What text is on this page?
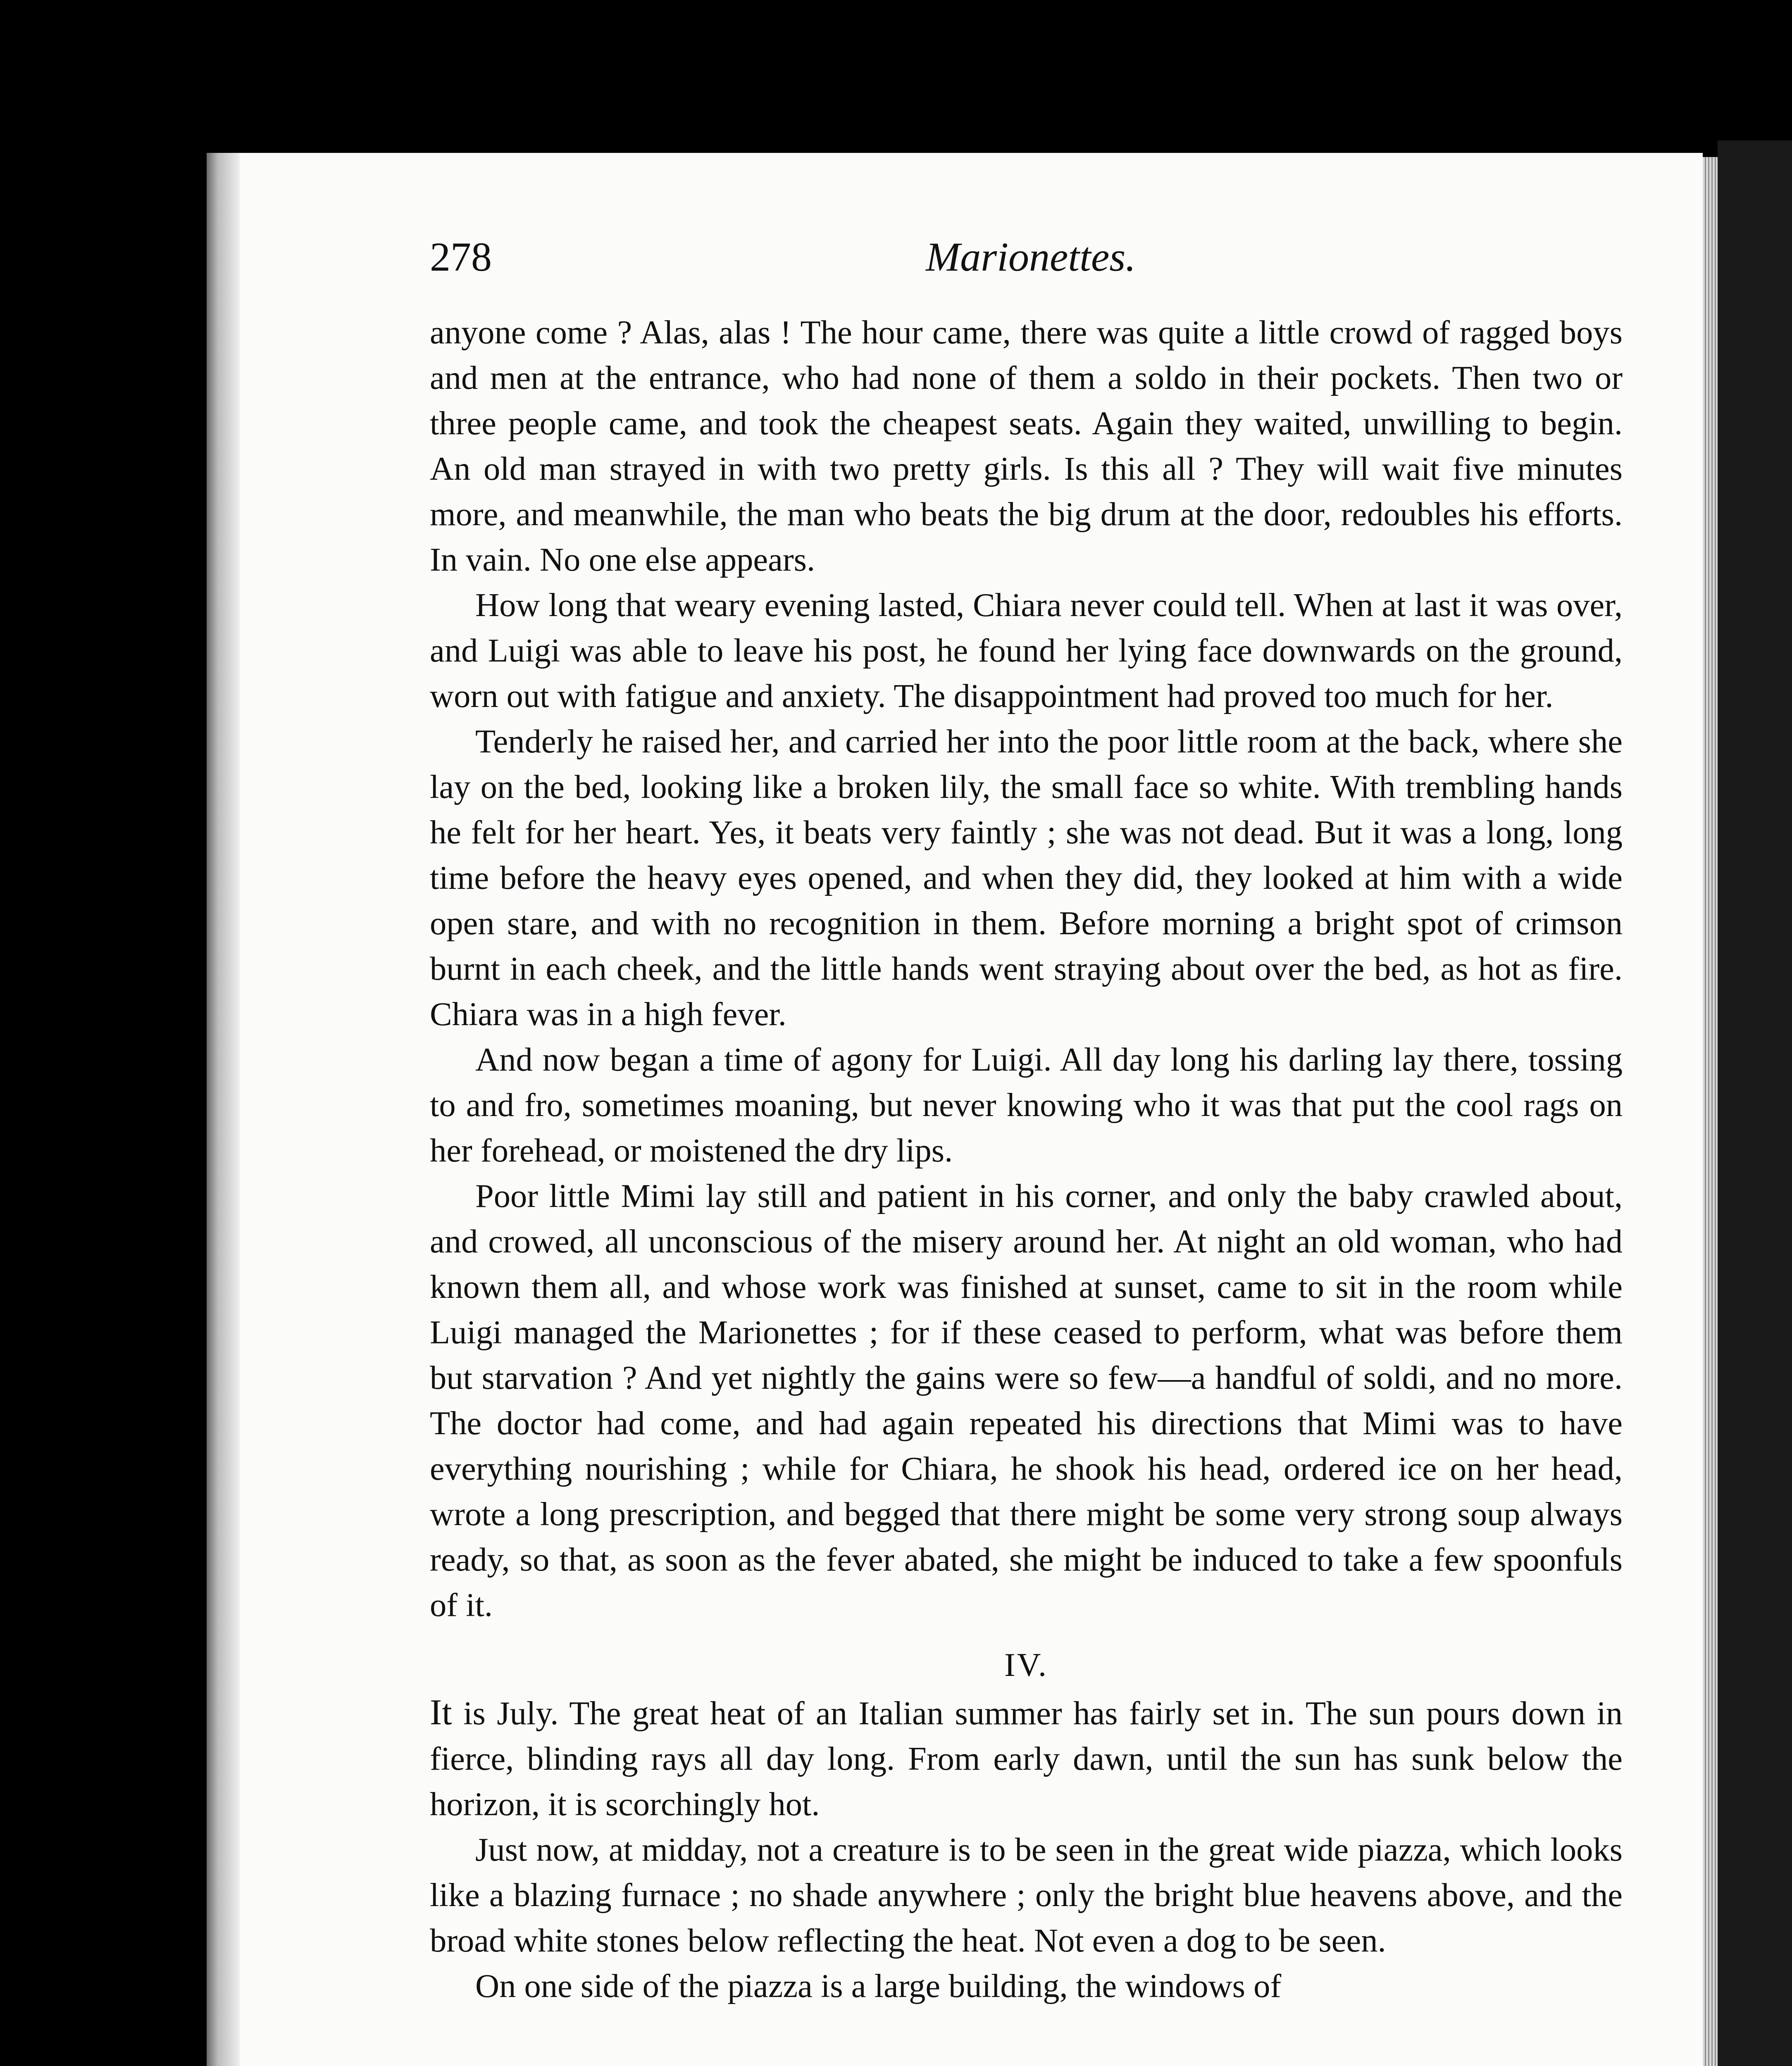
278	Marionettes.

anyone come ? Alas, alas ! The hour came, there was quite a little crowd of ragged boys and men at the entrance, who had none of them a soldo in their pockets. Then two or three people came, and took the cheapest seats. Again they waited, unwilling to begin. An old man strayed in with two pretty girls. Is this all ? They will wait five minutes more, and meanwhile, the man who beats the big drum at the door, redoubles his efforts. In vain. No one else appears.

How long that weary evening lasted, Chiara never could tell. When at last it was over, and Luigi was able to leave his post, he found her lying face downwards on the ground, worn out with fatigue and anxiety. The disappointment had proved too much for her.

Tenderly he raised her, and carried her into the poor little room at the back, where she lay on the bed, looking like a broken lily, the small face so white. With trembling hands he felt for her heart. Yes, it beats very faintly ; she was not dead. But it was a long, long time before the heavy eyes opened, and when they did, they looked at him with a wide open stare, and with no recognition in them. Before morning a bright spot of crimson burnt in each cheek, and the little hands went straying about over the bed, as hot as fire. Chiara was in a high fever.

And now began a time of agony for Luigi. All day long his darling lay there, tossing to and fro, sometimes moaning, but never knowing who it was that put the cool rags on her forehead, or moistened the dry lips.

Poor little Mimi lay still and patient in his corner, and only the baby crawled about, and crowed, all unconscious of the misery around her. At night an old woman, who had known them all, and whose work was finished at sunset, came to sit in the room while Luigi managed the Marionettes ; for if these ceased to perform, what was before them but starvation ? And yet nightly the gains were so few—a handful of soldi, and no more. The doctor had come, and had again repeated his directions that Mimi was to have everything nourishing ; while for Chiara, he shook his head, ordered ice on her head, wrote a long prescription, and begged that there might be some very strong soup always ready, so that, as soon as the fever abated, she might be induced to take a few spoonfuls of it.

IV.

It is July. The great heat of an Italian summer has fairly set in. The sun pours down in fierce, blinding rays all day long. From early dawn, until the sun has sunk below the horizon, it is scorchingly hot.

Just now, at midday, not a creature is to be seen in the great wide piazza, which looks like a blazing furnace ; no shade anywhere ; only the bright blue heavens above, and the broad white stones below reflecting the heat. Not even a dog to be seen.

On one side of the piazza is a large building, the windows of
